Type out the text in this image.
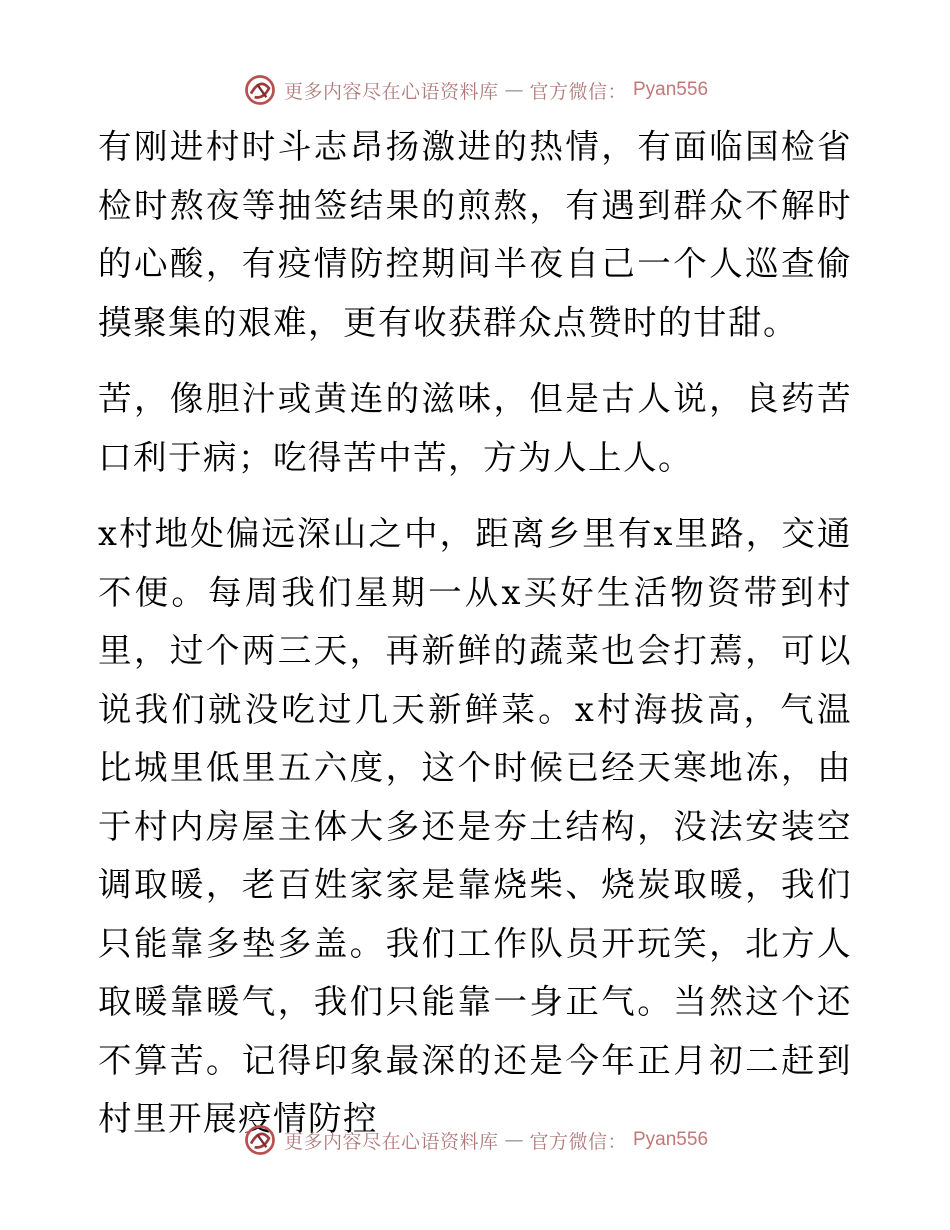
更多内容尽在心语资料库 — 官方微信： Pyan556

有刚进村时斗志昂扬激进的热情，有面临国检省检时熬夜等抽签结果的煎熬，有遇到群众不解时的心酸，有疫情防控期间半夜自己一个人巡查偷摸聚集的艰难，更有收获群众点赞时的甘甜。

苦，像胆汁或黄连的滋味，但是古人说，良药苦口利于病；吃得苦中苦，方为人上人。

x村地处偏远深山之中，距离乡里有x里路，交通不便。每周我们星期一从x买好生活物资带到村里，过个两三天，再新鲜的蔬菜也会打蔫，可以说我们就没吃过几天新鲜菜。x村海拔高，气温比城里低里五六度，这个时候已经天寒地冻，由于村内房屋主体大多还是夯土结构，没法安装空调取暖，老百姓家家是靠烧柴、烧炭取暖，我们只能靠多垫多盖。我们工作队员开玩笑，北方人取暖靠暖气，我们只能靠一身正气。当然这个还不算苦。记得印象最深的还是今年正月初二赶到村里开展疫情防控

更多内容尽在心语资料库 — 官方微信： Pyan556
